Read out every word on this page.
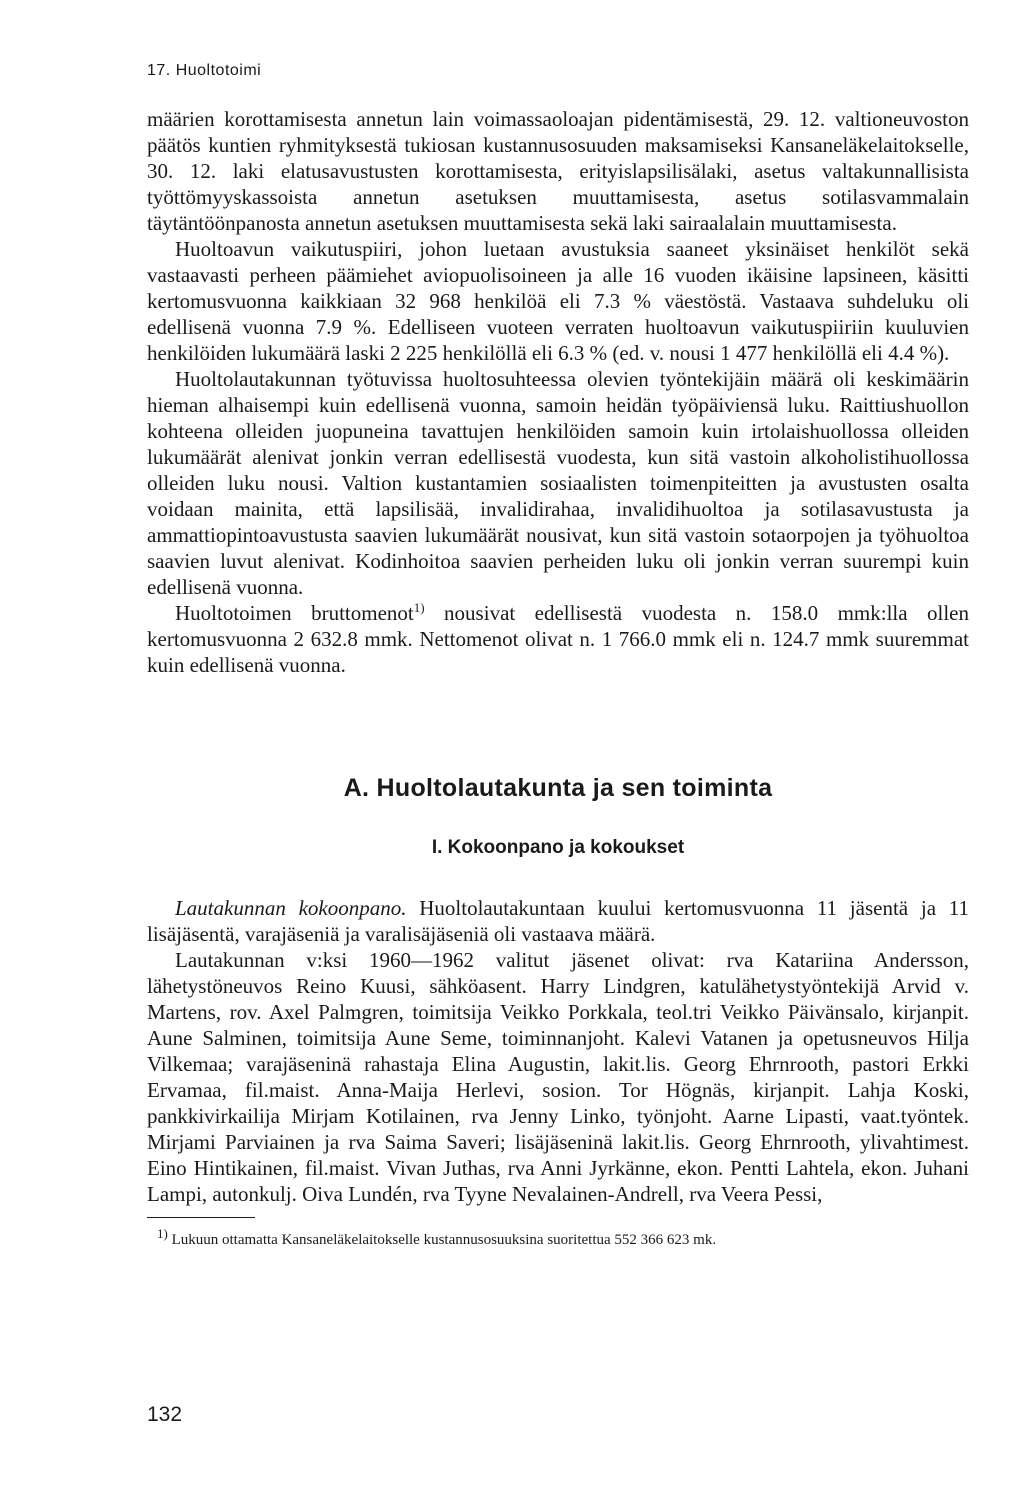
17. Huoltotoimi

määrien korottamisesta annetun lain voimassaoloajan pidentämisestä, 29. 12. valtioneuvoston päätös kuntien ryhmityksestä tukiosan kustannusosuuden maksamiseksi Kansaneläkelaitokselle, 30. 12. laki elatusavustusten korottamisesta, erityislapsilisälaki, asetus valtakunnallisista työttömyyskassoista annetun asetuksen muuttamisesta, asetus sotilasvammalain täytäntöönpanosta annetun asetuksen muuttamisesta sekä laki sairaalalain muuttamisesta.

Huoltoavun vaikutuspiiri, johon luetaan avustuksia saaneet yksinäiset henkilöt sekä vastaavasti perheen päämiehet aviopuolisoineen ja alle 16 vuoden ikäisine lapsineen, käsitti kertomusvuonna kaikkiaan 32 968 henkilöä eli 7.3 % väestöstä. Vastaava suhdeluku oli edellisenä vuonna 7.9 %. Edelliseen vuoteen verraten huoltoavun vaikutuspiiriin kuuluvien henkilöiden lukumäärä laski 2 225 henkilöllä eli 6.3 % (ed. v. nousi 1 477 henkilöllä eli 4.4 %).

Huoltolautakunnan työtuvissa huoltosuhteessa olevien työntekijäin määrä oli keskimäärin hieman alhaisempi kuin edellisenä vuonna, samoin heidän työpäiviensä luku. Raittiushuollon kohteena olleiden juopuneina tavattujen henkilöiden samoin kuin irtolaishuollossa olleiden lukumäärät alenivat jonkin verran edellisestä vuodesta, kun sitä vastoin alkoholistihuollossa olleiden luku nousi. Valtion kustantamien sosiaalisten toimenpiteitten ja avustusten osalta voidaan mainita, että lapsilisää, invalidirahaa, invalidihuoltoa ja sotilasavustusta ja ammattiopintoavustusta saavien lukumäärät nousivat, kun sitä vastoin sotaorpojen ja työhuoltoa saavien luvut alenivat. Kodinhoitoa saavien perheiden luku oli jonkin verran suurempi kuin edellisenä vuonna.

Huoltotoimen bruttomenot$^{1)}$ nousivat edellisestä vuodesta n. 158.0 mmk:lla ollen kertomusvuonna 2 632.8 mmk. Nettomenot olivat n. 1 766.0 mmk eli n. 124.7 mmk suuremmat kuin edellisenä vuonna.

A. Huoltolautakunta ja sen toiminta
I. Kokoonpano ja kokoukset

Lautakunnan kokoonpano. Huoltolautakuntaan kuului kertomusvuonna 11 jäsentä ja 11 lisäjäsentä, varajäseniä ja varalisäjäseniä oli vastaava määrä.

Lautakunnan v:ksi 1960—1962 valitut jäsenet olivat: rva Katariina Andersson, lähetystöneuvos Reino Kuusi, sähköasent. Harry Lindgren, katulähetystyöntekijä Arvid v. Martens, rov. Axel Palmgren, toimitsija Veikko Porkkala, teol.tri Veikko Päivänsalo, kirjanpit. Aune Salminen, toimitsija Aune Seme, toiminnanjoht. Kalevi Vatanen ja opetusneuvos Hilja Vilkemaa; varajäseninä rahastaja Elina Augustin, lakit.lis. Georg Ehrnrooth, pastori Erkki Ervamaa, fil.maist. Anna-Maija Herlevi, sosion. Tor Högnäs, kirjanpit. Lahja Koski, pankkivirkailija Mirjam Kotilainen, rva Jenny Linko, työnjoht. Aarne Lipasti, vaat.työntek. Mirjami Parviainen ja rva Saima Saveri; lisäjäseninä lakit.lis. Georg Ehrnrooth, ylivahtimest. Eino Hintikainen, fil.maist. Vivan Juthas, rva Anni Jyrkänne, ekon. Pentti Lahtela, ekon. Juhani Lampi, autonkulj. Oiva Lundén, rva Tyyne Nevalainen-Andrell, rva Veera Pessi,

$^{1)}$ Lukuun ottamatta Kansaneläkelaitokselle kustannusosuuksina suoritettua 552 366 623 mk.

132
